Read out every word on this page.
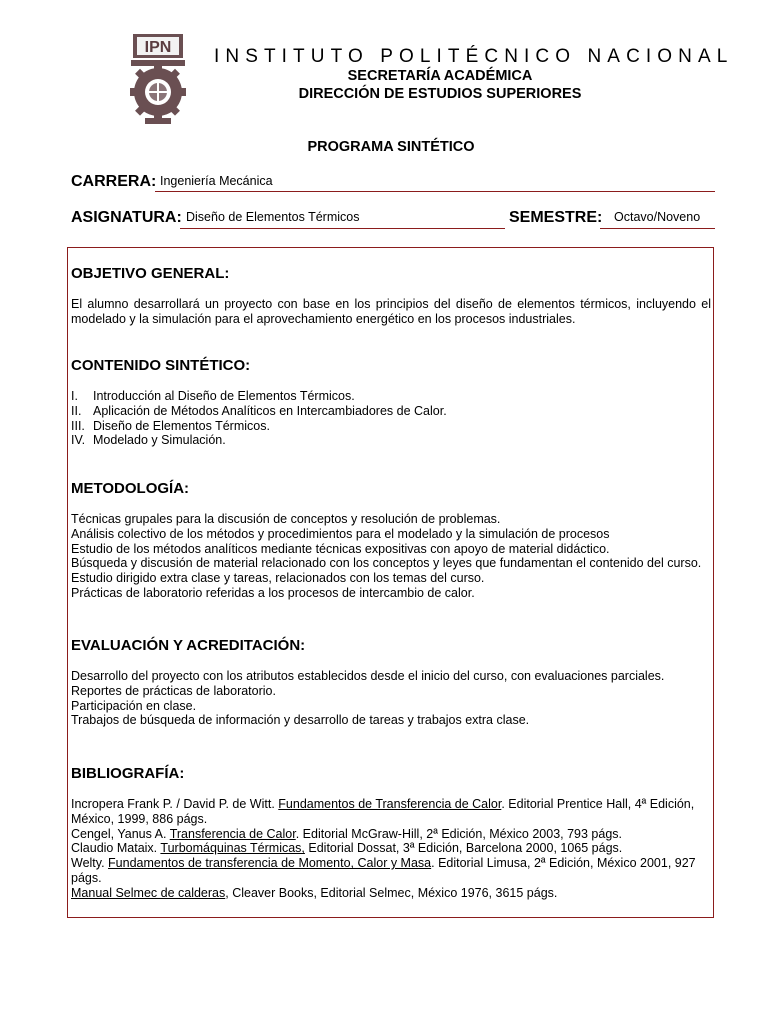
IPN INSTITUTO POLITÉCNICO NACIONAL
SECRETARÍA ACADÉMICA
DIRECCIÓN DE ESTUDIOS SUPERIORES
PROGRAMA SINTÉTICO
CARRERA: Ingeniería Mecánica
ASIGNATURA: Diseño de Elementos Térmicos	SEMESTRE: Octavo/Noveno
OBJETIVO GENERAL:
El alumno desarrollará un proyecto con base en los principios del diseño de elementos térmicos, incluyendo el modelado y la simulación para el aprovechamiento energético en los procesos industriales.
CONTENIDO SINTÉTICO:
I. Introducción al Diseño de Elementos Térmicos.
II. Aplicación de Métodos Analíticos en Intercambiadores de Calor.
III. Diseño de Elementos Térmicos.
IV. Modelado y Simulación.
METODOLOGÍA:
Técnicas grupales para la discusión de conceptos y resolución de problemas.
Análisis colectivo de los métodos y procedimientos para el modelado y la simulación de procesos
Estudio de los métodos analíticos mediante técnicas expositivas con apoyo de material didáctico.
Búsqueda y discusión de material relacionado con los conceptos y leyes que fundamentan el contenido del curso.
Estudio dirigido extra clase y tareas, relacionados con los temas del curso.
Prácticas de laboratorio referidas a los procesos de intercambio de calor.
EVALUACIÓN Y ACREDITACIÓN:
Desarrollo del proyecto con los atributos establecidos desde el inicio del curso, con evaluaciones parciales.
Reportes de prácticas de laboratorio.
Participación en clase.
Trabajos de búsqueda de información y desarrollo de tareas y trabajos extra clase.
BIBLIOGRAFÍA:
Incropera Frank P. / David P. de Witt. Fundamentos de Transferencia de Calor. Editorial Prentice Hall, 4ª Edición, México, 1999, 886 págs.
Cengel, Yanus A. Transferencia de Calor. Editorial McGraw-Hill, 2ª Edición, México 2003, 793 págs.
Claudio Mataix. Turbomáquinas Térmicas, Editorial Dossat, 3ª Edición, Barcelona 2000, 1065 págs.
Welty. Fundamentos de transferencia de Momento, Calor y Masa. Editorial Limusa, 2ª Edición, México 2001, 927 págs.
Manual Selmec de calderas, Cleaver Books, Editorial Selmec, México 1976, 3615 págs.
